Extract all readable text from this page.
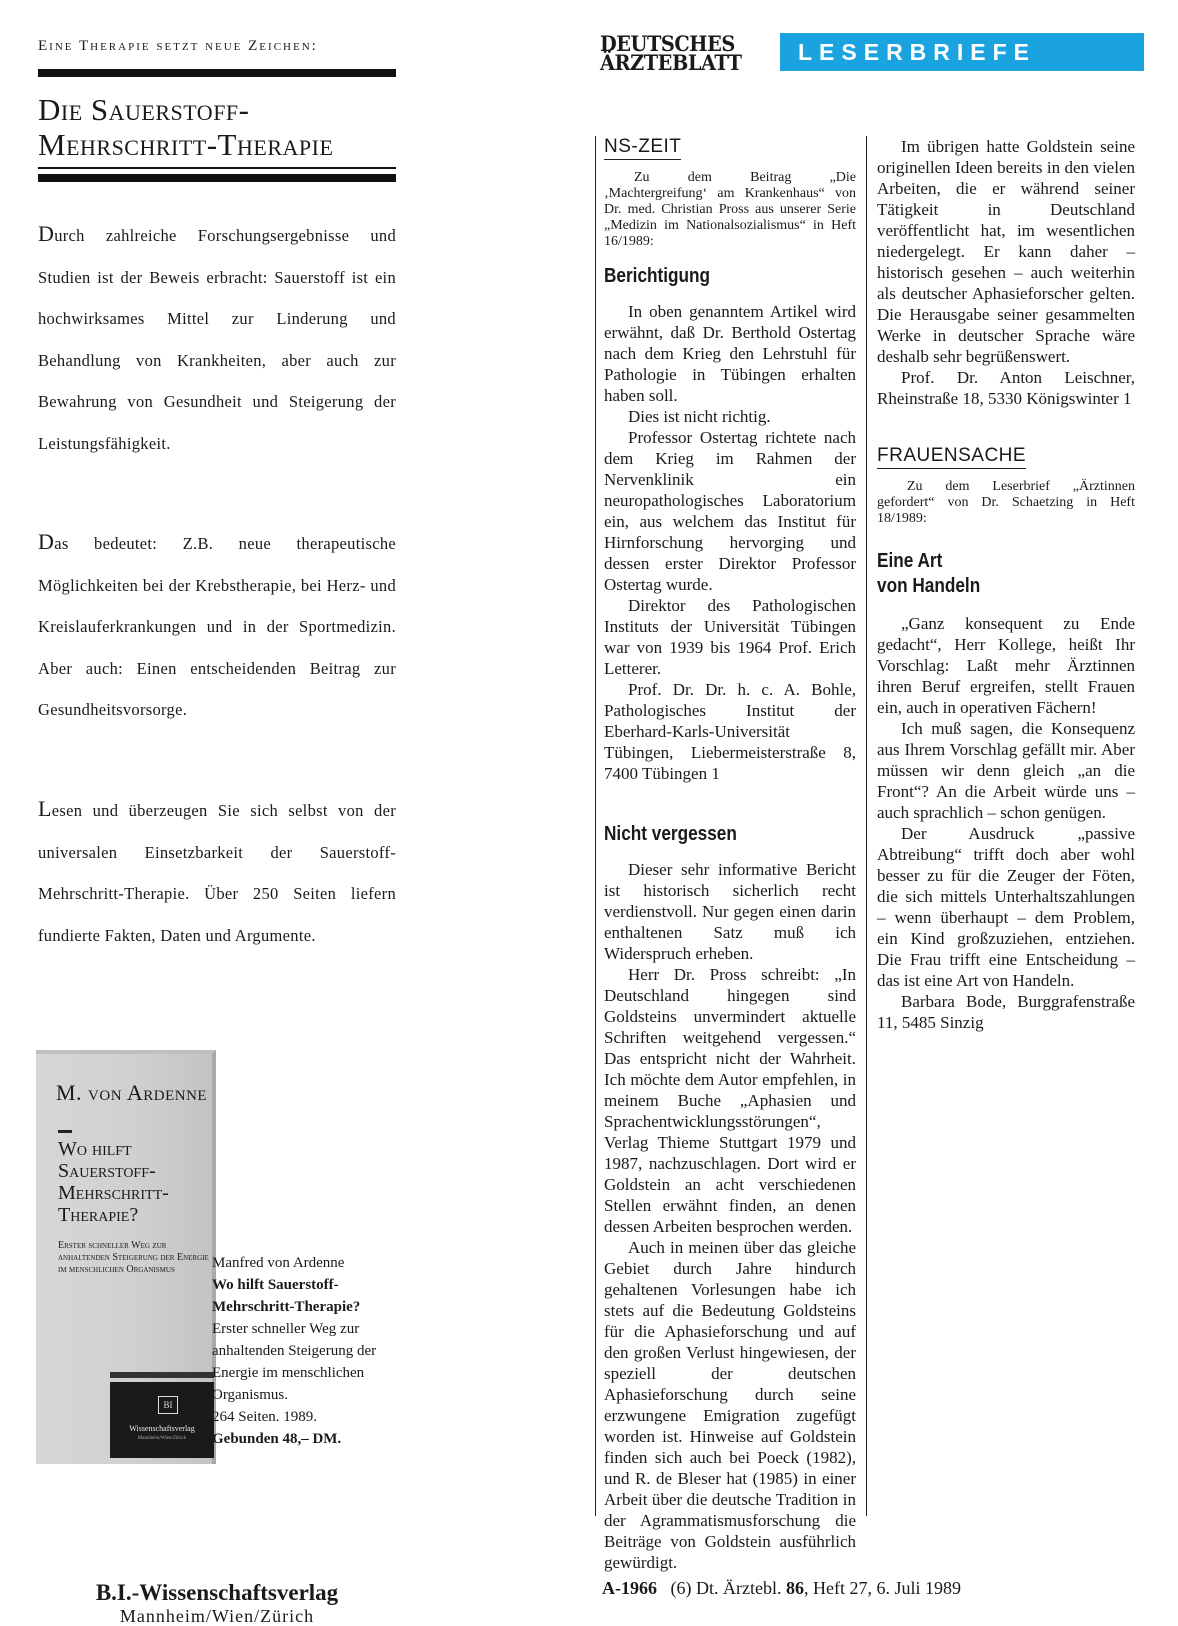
Eine Therapie setzt neue Zeichen:
Die Sauerstoff-
Mehrschritt-Therapie
Durch zahlreiche Forschungsergebnisse und Studien ist der Beweis erbracht: Sauerstoff ist ein hochwirksames Mittel zur Linderung und Behandlung von Krankheiten, aber auch zur Bewahrung von Gesundheit und Steigerung der Leistungsfähigkeit.
Das bedeutet: Z.B. neue therapeutische Möglichkeiten bei der Krebstherapie, bei Herz- und Kreislauferkrankungen und in der Sportmedizin. Aber auch: Einen entscheidenden Beitrag zur Gesundheitsvorsorge.
Lesen und überzeugen Sie sich selbst von der universalen Einsetzbarkeit der Sauerstoff-Mehrschritt-Therapie. Über 250 Seiten liefern fundierte Fakten, Daten und Argumente.
M. von Ardenne
Wo hilft Sauerstoff-Mehrschritt-Therapie?
Erster schneller Weg zur anhaltenden Steigerung der Energie im menschlichen Organismus
BI
Wissenschaftsverlag
Mannheim/Wien/Zürich
Manfred von Ardenne
Wo hilft Sauerstoff-Mehrschritt-Therapie?
Erster schneller Weg zur anhaltenden Steigerung der Energie im menschlichen Organismus.
264 Seiten. 1989.
Gebunden 48,– DM.
B.I.-Wissenschaftsverlag
Mannheim/Wien/Zürich
DEUTSCHES
ÄRZTEBLATT LESERBRIEFE
NS-ZEIT

Zu dem Beitrag „Die ‚Machtergreifung‘ am Krankenhaus“ von Dr. med. Christian Pross aus unserer Serie „Medizin im Nationalsozialismus“ in Heft 16/1989:

Berichtigung

In oben genanntem Artikel wird erwähnt, daß Dr. Berthold Ostertag nach dem Krieg den Lehrstuhl für Pathologie in Tübingen erhalten haben soll.

Dies ist nicht richtig.

Professor Ostertag richtete nach dem Krieg im Rahmen der Nervenklinik ein neuropathologisches Laboratorium ein, aus welchem das Institut für Hirnforschung hervorging und dessen erster Direktor Professor Ostertag wurde.

Direktor des Pathologischen Instituts der Universität Tübingen war von 1939 bis 1964 Prof. Erich Letterer.

Prof. Dr. Dr. h. c. A. Bohle, Pathologisches Institut der Eberhard-Karls-Universität Tübingen, Liebermeisterstraße 8, 7400 Tübingen 1

Nicht vergessen

Dieser sehr informative Bericht ist historisch sicherlich recht verdienstvoll. Nur gegen einen darin enthaltenen Satz muß ich Widerspruch erheben.

Herr Dr. Pross schreibt: „In Deutschland hingegen sind Goldsteins unvermindert aktuelle Schriften weitgehend vergessen.“ Das entspricht nicht der Wahrheit. Ich möchte dem Autor empfehlen, in meinem Buche „Aphasien und Sprachentwicklungsstörungen“, Verlag Thieme Stuttgart 1979 und 1987, nachzuschlagen. Dort wird er Goldstein an acht verschiedenen Stellen erwähnt finden, an denen dessen Arbeiten besprochen werden.

Auch in meinen über das gleiche Gebiet durch Jahre hindurch gehaltenen Vorlesungen habe ich stets auf die Bedeutung Goldsteins für die Aphasieforschung und auf den großen Verlust hingewiesen, der speziell der deutschen Aphasieforschung durch seine erzwungene Emigration zugefügt worden ist. Hinweise auf Goldstein finden sich auch bei Poeck (1982), und R. de Bleser hat (1985) in einer Arbeit über die deutsche Tradition in der Agrammatismusforschung die Beiträge von Goldstein ausführlich gewürdigt.

Im übrigen hatte Goldstein seine originellen Ideen bereits in den vielen Arbeiten, die er während seiner Tätigkeit in Deutschland veröffentlicht hat, im wesentlichen niedergelegt. Er kann daher – historisch gesehen – auch weiterhin als deutscher Aphasieforscher gelten. Die Herausgabe seiner gesammelten Werke in deutscher Sprache wäre deshalb sehr begrüßenswert.

Prof. Dr. Anton Leischner, Rheinstraße 18, 5330 Königswinter 1

FRAUENSACHE

Zu dem Leserbrief „Ärztinnen gefordert“ von Dr. Schaetzing in Heft 18/1989:

Eine Art
von Handeln

„Ganz konsequent zu Ende gedacht“, Herr Kollege, heißt Ihr Vorschlag: Laßt mehr Ärztinnen ihren Beruf ergreifen, stellt Frauen ein, auch in operativen Fächern!

Ich muß sagen, die Konsequenz aus Ihrem Vorschlag gefällt mir. Aber müssen wir denn gleich „an die Front“? An die Arbeit würde uns – auch sprachlich – schon genügen.

Der Ausdruck „passive Abtreibung“ trifft doch aber wohl besser zu für die Zeuger der Föten, die sich mittels Unterhaltszahlungen – wenn überhaupt – dem Problem, ein Kind großzuziehen, entziehen. Die Frau trifft eine Entscheidung – das ist eine Art von Handeln.

Barbara Bode, Burggrafenstraße 11, 5485 Sinzig

A-1966 (6) Dt. Ärztebl. 86, Heft 27, 6. Juli 1989
